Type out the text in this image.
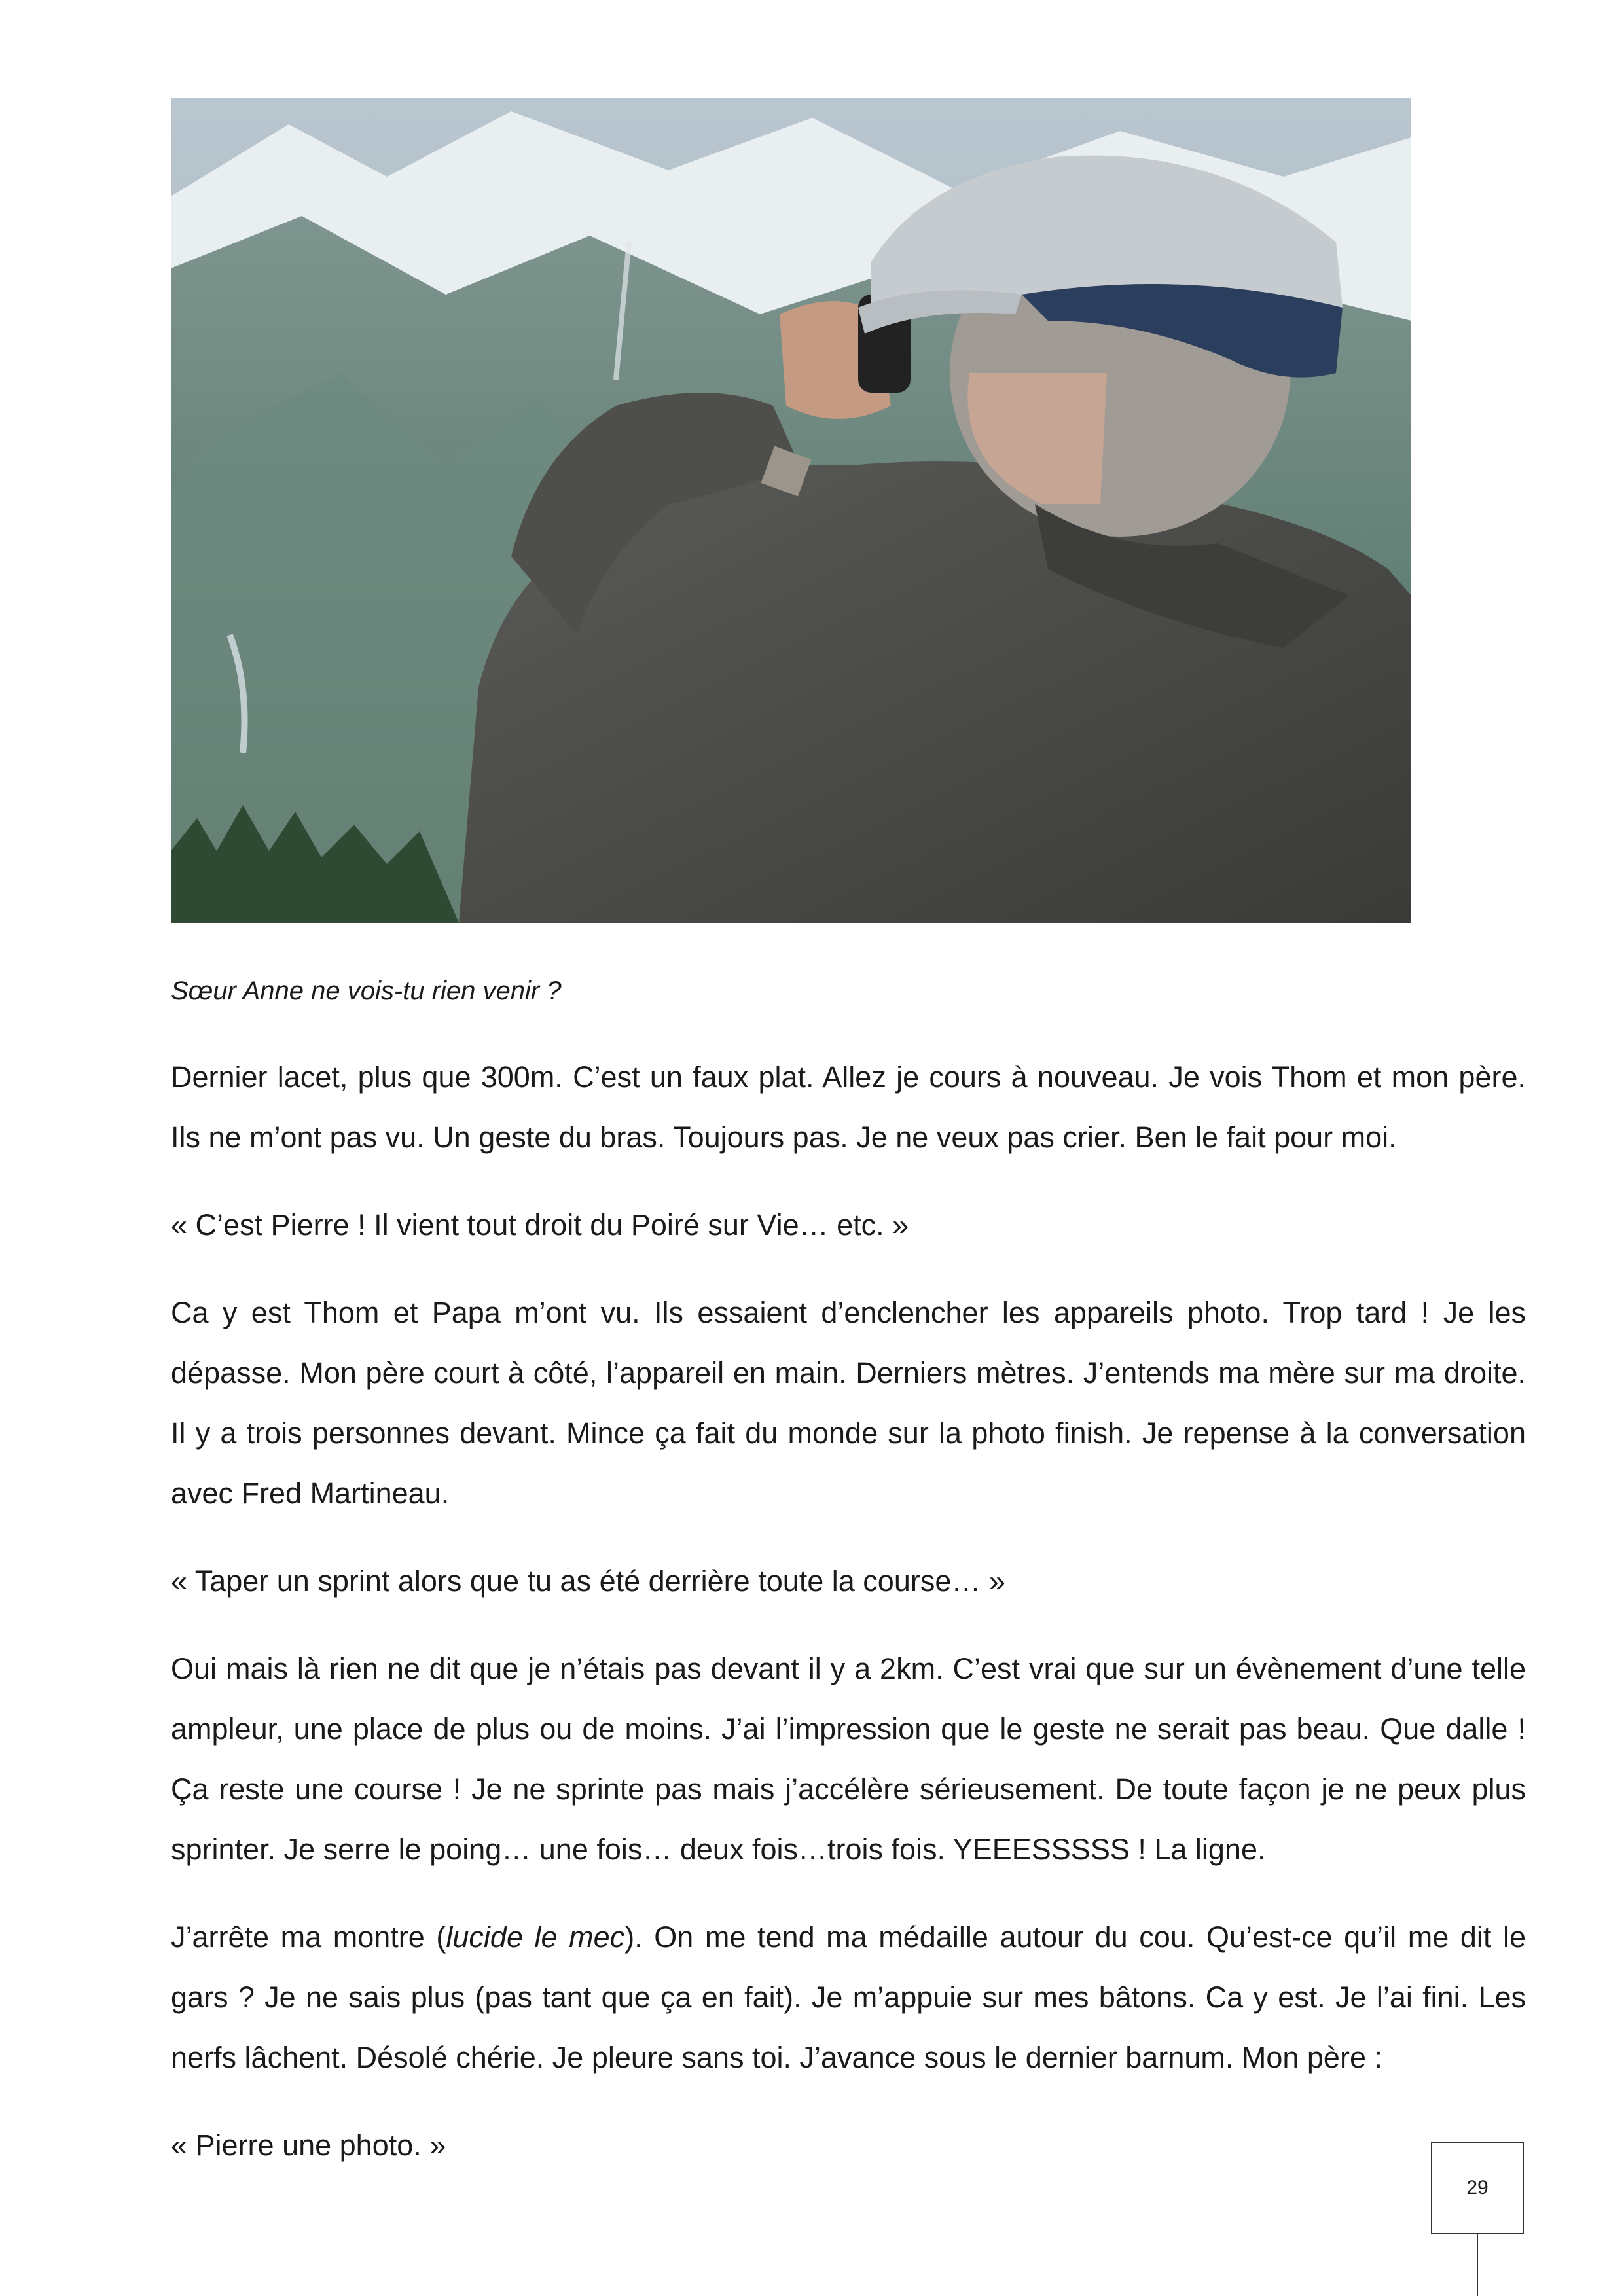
Sœur Anne ne vois-tu rien venir ?

Dernier lacet, plus que 300m. C’est un faux plat. Allez je cours à nouveau. Je vois Thom et mon père. Ils ne m’ont pas vu. Un geste du bras. Toujours pas. Je ne veux pas crier. Ben le fait pour moi.

« C’est Pierre ! Il vient tout droit du Poiré sur Vie… etc. »

Ca y est Thom et Papa m’ont vu. Ils essaient d’enclencher les appareils photo. Trop tard ! Je les dépasse. Mon père court à côté, l’appareil en main. Derniers mètres. J’entends ma mère sur ma droite. Il y a trois personnes devant. Mince ça fait du monde sur la photo finish. Je repense à la conversation avec Fred Martineau.

« Taper un sprint alors que tu as été derrière toute la course… »

Oui mais là rien ne dit que je n’étais pas devant il y a 2km. C’est vrai que sur un évènement d’une telle ampleur, une place de plus ou de moins. J’ai l’impression que le geste ne serait pas beau. Que dalle ! Ça reste une course ! Je ne sprinte pas mais j’accélère sérieusement. De toute façon je ne peux plus sprinter. Je serre le poing… une fois… deux fois…trois fois. YEEESSSSS ! La ligne.

J’arrête ma montre (lucide le mec). On me tend ma médaille autour du cou. Qu’est-ce qu’il me dit le gars ? Je ne sais plus (pas tant que ça en fait). Je m’appuie sur mes bâtons. Ca y est. Je l’ai fini. Les nerfs lâchent. Désolé chérie. Je pleure sans toi. J’avance sous le dernier barnum. Mon père :

« Pierre une photo. »

29
